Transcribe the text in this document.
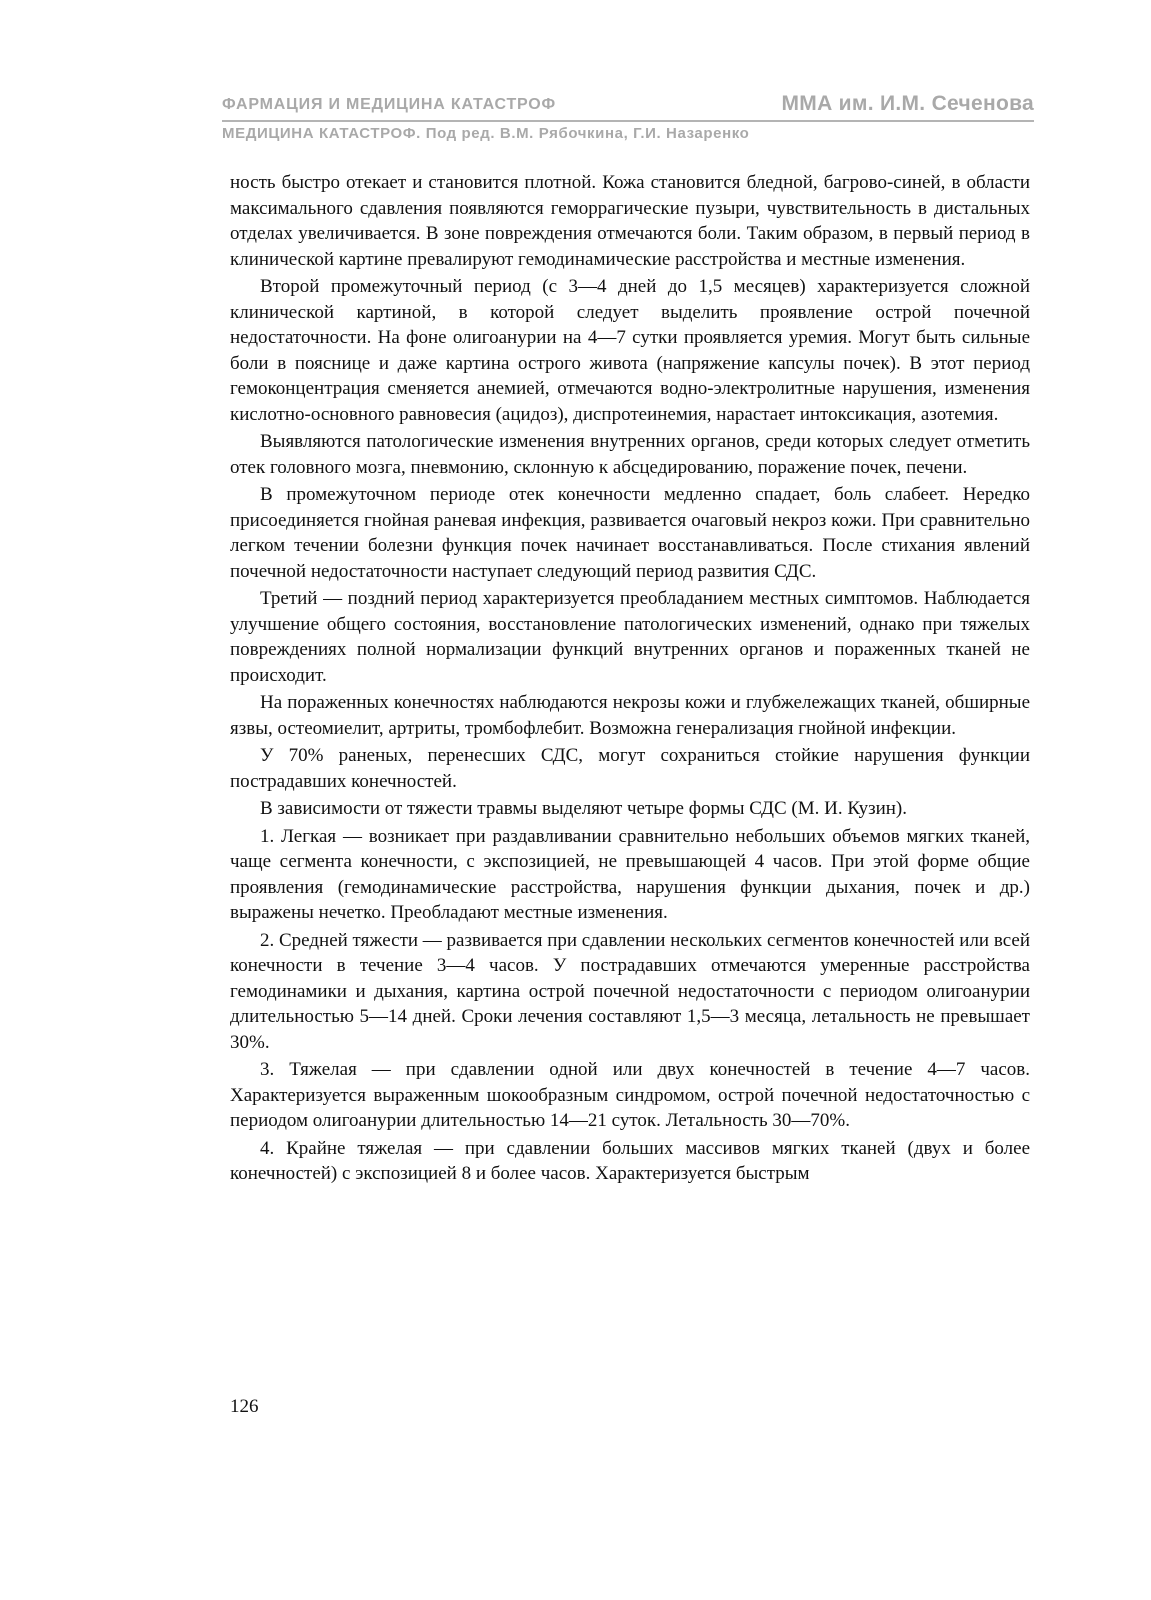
ФАРМАЦИЯ И МЕДИЦИНА КАТАСТРОФ	ММА им. И.М. Сеченова
МЕДИЦИНА КАТАСТРОФ. Под ред. В.М. Рябочкина, Г.И. Назаренко

ность быстро отекает и становится плотной. Кожа становится бледной, багрово-синей, в области максимального сдавления появляются геморрагические пузыри, чувствительность в дистальных отделах увеличивается. В зоне повреждения отмечаются боли. Таким образом, в первый период в клинической картине превалируют гемодинамические расстройства и местные изменения.

Второй промежуточный период (с 3—4 дней до 1,5 месяцев) характеризуется сложной клинической картиной, в которой следует выделить проявление острой почечной недостаточности. На фоне олигоанурии на 4—7 сутки проявляется уремия. Могут быть сильные боли в пояснице и даже картина острого живота (напряжение капсулы почек). В этот период гемоконцентрация сменяется анемией, отмечаются водно-электролитные нарушения, изменения кислотно-основного равновесия (ацидоз), диспротеинемия, нарастает интоксикация, азотемия.

Выявляются патологические изменения внутренних органов, среди которых следует отметить отек головного мозга, пневмонию, склонную к абсцедированию, поражение почек, печени.

В промежуточном периоде отек конечности медленно спадает, боль слабеет. Нередко присоединяется гнойная раневая инфекция, развивается очаговый некроз кожи. При сравнительно легком течении болезни функция почек начинает восстанавливаться. После стихания явлений почечной недостаточности наступает следующий период развития СДС.

Третий — поздний период характеризуется преобладанием местных симптомов. Наблюдается улучшение общего состояния, восстановление патологических изменений, однако при тяжелых повреждениях полной нормализации функций внутренних органов и пораженных тканей не происходит.

На пораженных конечностях наблюдаются некрозы кожи и глубжележащих тканей, обширные язвы, остеомиелит, артриты, тромбофлебит. Возможна генерализация гнойной инфекции.

У 70% раненых, перенесших СДС, могут сохраниться стойкие нарушения функции пострадавших конечностей.

В зависимости от тяжести травмы выделяют четыре формы СДС (М. И. Кузин).

1. Легкая — возникает при раздавливании сравнительно небольших объемов мягких тканей, чаще сегмента конечности, с экспозицией, не превышающей 4 часов. При этой форме общие проявления (гемодинамические расстройства, нарушения функции дыхания, почек и др.) выражены нечетко. Преобладают местные изменения.

2. Средней тяжести — развивается при сдавлении нескольких сегментов конечностей или всей конечности в течение 3—4 часов. У пострадавших отмечаются умеренные расстройства гемодинамики и дыхания, картина острой почечной недостаточности с периодом олигоанурии длительностью 5—14 дней. Сроки лечения составляют 1,5—3 месяца, летальность не превышает 30%.

3. Тяжелая — при сдавлении одной или двух конечностей в течение 4—7 часов. Характеризуется выраженным шокообразным синдромом, острой почечной недостаточностью с периодом олигоанурии длительностью 14—21 суток. Летальность 30—70%.

4. Крайне тяжелая — при сдавлении больших массивов мягких тканей (двух и более конечностей) с экспозицией 8 и более часов. Характеризуется быстрым

126
